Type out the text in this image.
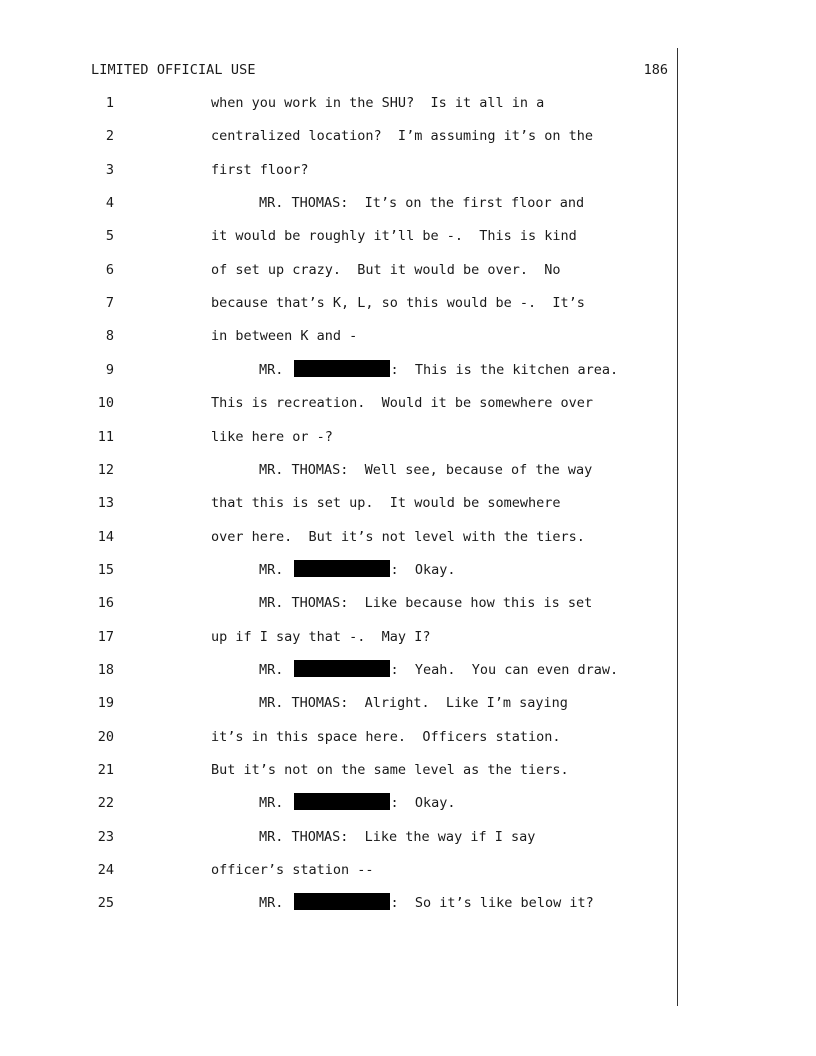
LIMITED OFFICIAL USE	186
1	when you work in the SHU?  Is it all in a
2	centralized location?  I’m assuming it’s on the
3	first floor?
4	MR. THOMAS:  It’s on the first floor and
5	it would be roughly it’ll be -.  This is kind
6	of set up crazy.  But it would be over.  No
7	because that’s K, L, so this would be -.  It’s
8	in between K and -
9	MR.	:  This is the kitchen area.
10	This is recreation.  Would it be somewhere over
11	like here or -?
12	MR. THOMAS:  Well see, because of the way
13	that this is set up.  It would be somewhere
14	over here.  But it’s not level with the tiers.
15	MR.	:  Okay.
16	MR. THOMAS:  Like because how this is set
17	up if I say that -.  May I?
18	MR.	:  Yeah.  You can even draw.
19	MR. THOMAS:  Alright.  Like I’m saying
20	it’s in this space here.  Officers station.
21	But it’s not on the same level as the tiers.
22	MR.	:  Okay.
23	MR. THOMAS:  Like the way if I say
24	officer’s station --
25	MR.	:  So it’s like below it?
